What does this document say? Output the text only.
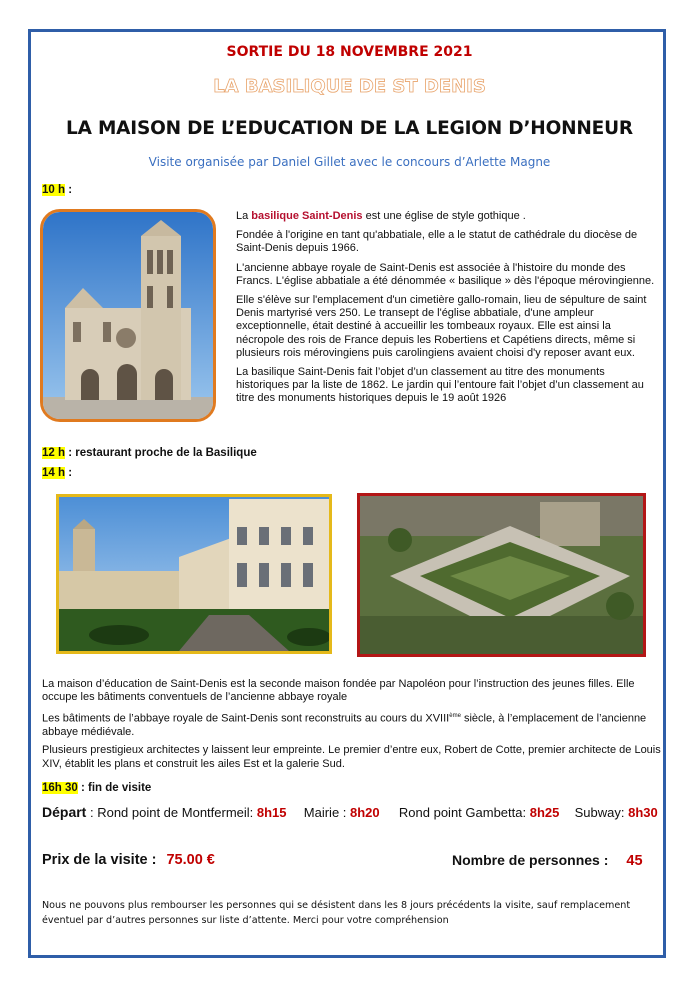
SORTIE DU 18 NOVEMBRE 2021
LA BASILIQUE DE ST DENIS
LA MAISON DE L’EDUCATION DE LA LEGION D’HONNEUR
Visite organisée par Daniel Gillet avec le concours d’Arlette Magne
10 h :

La basilique Saint-Denis est une église de style gothique .

Fondée à l'origine en tant qu'abbatiale, elle a le statut de cathédrale du diocèse de Saint-Denis depuis 1966.

L'ancienne abbaye royale de Saint-Denis est associée à l'histoire du monde des Francs. L'église abbatiale a été dénommée « basilique » dès l'époque mérovingienne.

Elle s'élève sur l'emplacement d'un cimetière gallo-romain, lieu de sépulture de saint Denis martyrisé vers 250. Le transept de l'église abbatiale, d'une ampleur exceptionnelle, était destiné à accueillir les tombeaux royaux. Elle est ainsi la nécropole des rois de France depuis les Robertiens et Capétiens directs, même si plusieurs rois mérovingiens puis carolingiens avaient choisi d'y reposer avant eux.

La basilique Saint-Denis fait l’objet d’un classement au titre des monuments historiques par la liste de 1862. Le jardin qui l’entoure fait l’objet d’un classement au titre des monuments historiques depuis le 19 août 1926

12 h : restaurant proche de la Basilique
14 h :

La maison d’éducation de Saint-Denis est la seconde maison fondée par Napoléon pour l’instruction des jeunes filles. Elle occupe les bâtiments conventuels de l’ancienne abbaye royale

Les bâtiments de l’abbaye royale de Saint-Denis sont reconstruits au cours du XVIIIème siècle, à l’emplacement de l’ancienne abbaye médiévale.

Plusieurs prestigieux architectes y laissent leur empreinte. Le premier d’entre eux, Robert de Cotte, premier architecte de Louis XIV, établit les plans et construit les ailes Est et la galerie Sud.

16h 30 : fin de visite
Départ : Rond point de Montfermeil: 8h15 Mairie : 8h20 Rond point Gambetta: 8h25 Subway: 8h30
Prix de la visite : 75.00 €	Nombre de personnes : 45
Nous ne pouvons plus rembourser les personnes qui se désistent dans les 8 jours précédents la visite, sauf remplacement éventuel par d’autres personnes sur liste d’attente. Merci pour votre compréhension
